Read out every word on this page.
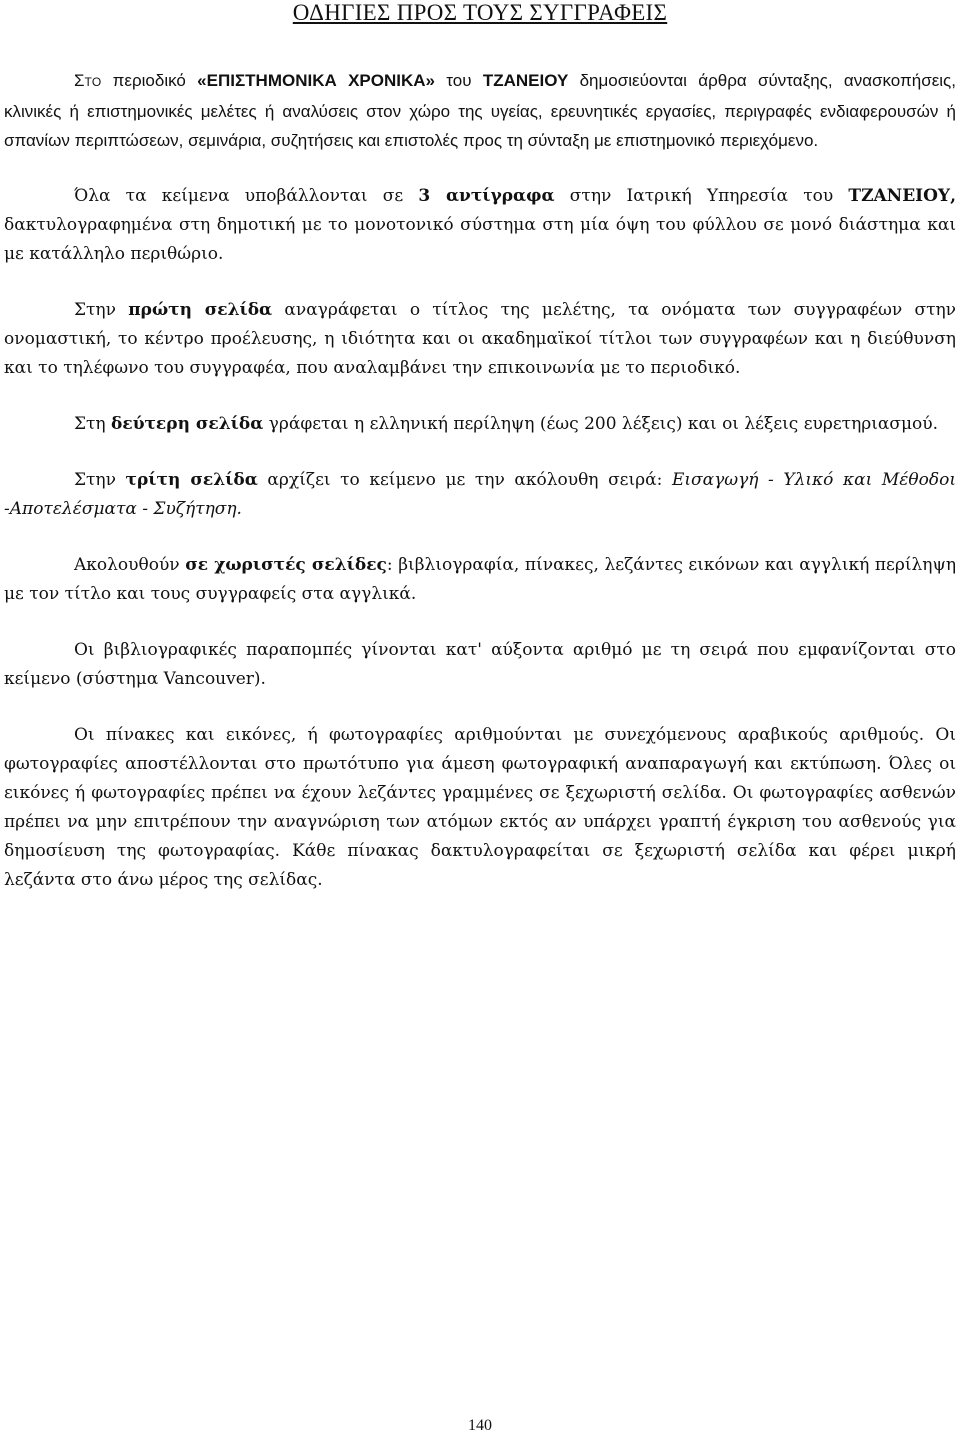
ΟΔΗΓΙΕΣ ΠΡΟΣ ΤΟΥΣ ΣΥΓΓΡΑΦΕΙΣ

ΣΤΟ περιοδικό «ΕΠΙΣΤΗΜΟΝΙΚΑ ΧΡΟΝΙΚΑ» του ΤΖΑΝΕΙΟΥ δημοσιεύονται άρθρα σύνταξης, ανασκοπήσεις, κλινικές ή επιστημονικές μελέτες ή αναλύσεις στον χώρο της υγείας, ερευνητικές εργασίες, περιγραφές ενδιαφερουσών ή σπανίων περιπτώσεων, σεμινάρια, συζητήσεις και επιστολές προς τη σύνταξη με επιστημονικό περιεχόμενο.

Όλα τα κείμενα υποβάλλονται σε 3 αντίγραφα στην Ιατρική Υπηρεσία του ΤΖΑΝΕΙΟΥ, δακτυλογραφημένα στη δημοτική με το μονοτονικό σύστημα στη μία όψη του φύλλου σε μονό διάστημα και με κατάλληλο περιθώριο.

Στην πρώτη σελίδα αναγράφεται ο τίτλος της μελέτης, τα ονόματα των συγγραφέων στην ονομαστική, το κέντρο προέλευσης, η ιδιότητα και οι ακαδημαϊκοί τίτλοι των συγγραφέων και η διεύθυνση και το τηλέφωνο του συγγραφέα, που αναλαμβάνει την επικοινωνία με το περιοδικό.

Στη δεύτερη σελίδα γράφεται η ελληνική περίληψη (έως 200 λέξεις) και οι λέξεις ευρετηριασμού.

Στην τρίτη σελίδα αρχίζει το κείμενο με την ακόλουθη σειρά: Εισαγωγή - Υλικό και Μέθοδοι -Αποτελέσματα - Συζήτηση.

Ακολουθούν σε χωριστές σελίδες: βιβλιογραφία, πίνακες, λεζάντες εικόνων και αγγλική περίληψη με τον τίτλο και τους συγγραφείς στα αγγλικά.

Οι βιβλιογραφικές παραπομπές γίνονται κατ' αύξοντα αριθμό με τη σειρά που εμφανίζονται στο κείμενο (σύστημα Vancouver).

Οι πίνακες και εικόνες, ή φωτογραφίες αριθμούνται με συνεχόμενους αραβικούς αριθμούς. Οι φωτογραφίες αποστέλλονται στο πρωτότυπο για άμεση φωτογραφική αναπαραγωγή και εκτύπωση. Όλες οι εικόνες ή φωτογραφίες πρέπει να έχουν λεζάντες γραμμένες σε ξεχωριστή σελίδα. Οι φωτογραφίες ασθενών πρέπει να μην επιτρέπουν την αναγνώριση των ατόμων εκτός αν υπάρχει γραπτή έγκριση του ασθενούς για δημοσίευση της φωτογραφίας. Κάθε πίνακας δακτυλογραφείται σε ξεχωριστή σελίδα και φέρει μικρή λεζάντα στο άνω μέρος της σελίδας.

140
